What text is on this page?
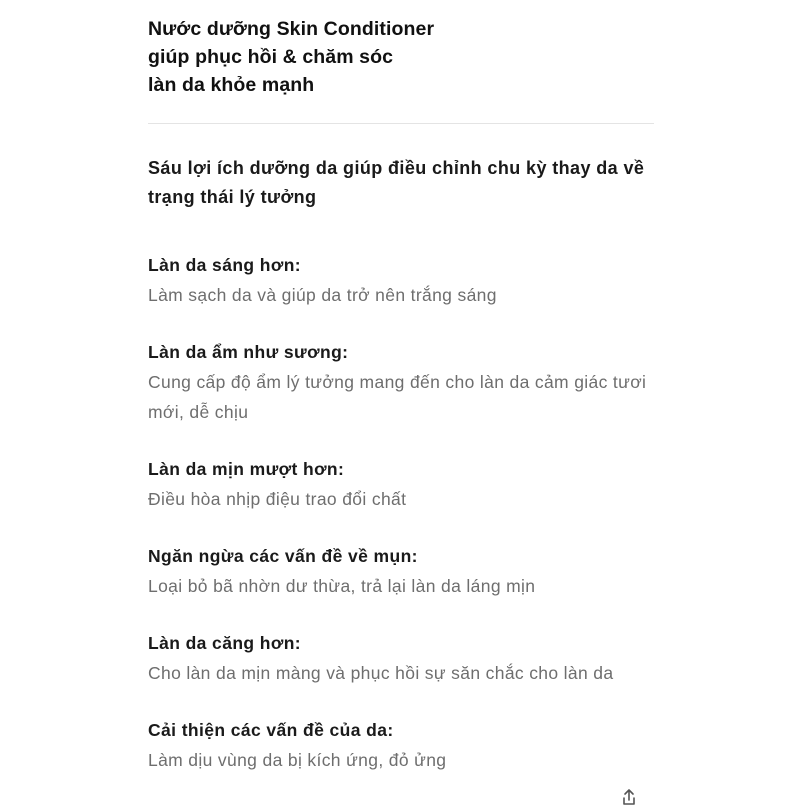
Nước dưỡng Skin Conditioner
giúp phục hồi & chăm sóc
làn da khỏe mạnh

Sáu lợi ích dưỡng da giúp điều chỉnh chu kỳ thay da về trạng thái lý tưởng

Làn da sáng hơn:

Làm sạch da và giúp da trở nên trắng sáng

Làn da ẩm như sương:

Cung cấp độ ẩm lý tưởng mang đến cho làn da cảm giác tươi mới, dễ chịu

Làn da mịn mượt hơn:

Điều hòa nhịp điệu trao đổi chất

Ngăn ngừa các vấn đề về mụn:

Loại bỏ bã nhờn dư thừa, trả lại làn da láng mịn

Làn da căng hơn:

Cho làn da mịn màng và phục hồi sự săn chắc cho làn da

Cải thiện các vấn đề của da:

Làm dịu vùng da bị kích ứng, đỏ ửng
